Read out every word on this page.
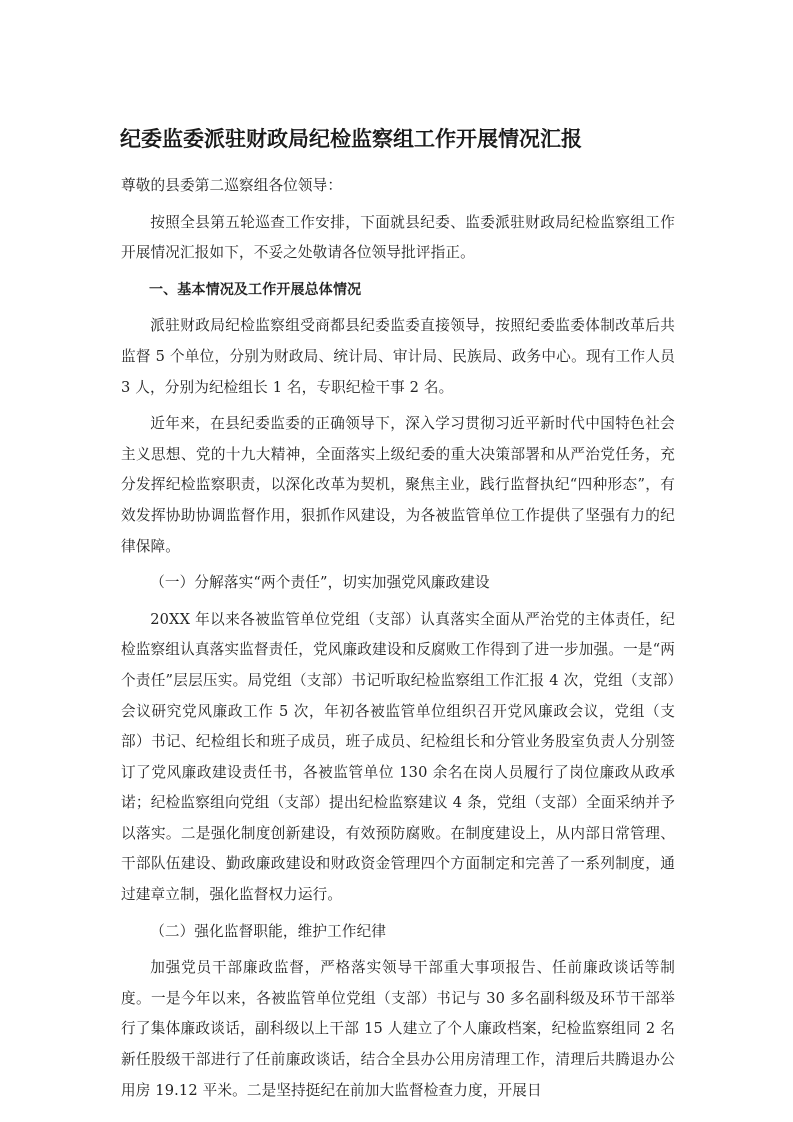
纪委监委派驻财政局纪检监察组工作开展情况汇报

尊敬的县委第二巡察组各位领导：

按照全县第五轮巡查工作安排，下面就县纪委、监委派驻财政局纪检监察组工作开展情况汇报如下，不妥之处敬请各位领导批评指正。

一、基本情况及工作开展总体情况

派驻财政局纪检监察组受商都县纪委监委直接领导，按照纪委监委体制改革后共监督 5 个单位，分别为财政局、统计局、审计局、民族局、政务中心。现有工作人员 3 人，分别为纪检组长 1 名，专职纪检干事 2 名。

近年来，在县纪委监委的正确领导下，深入学习贯彻习近平新时代中国特色社会主义思想、党的十九大精神，全面落实上级纪委的重大决策部署和从严治党任务，充分发挥纪检监察职责，以深化改革为契机，聚焦主业，践行监督执纪“四种形态”，有效发挥协助协调监督作用，狠抓作风建设，为各被监管单位工作提供了坚强有力的纪律保障。

（一）分解落实“两个责任”，切实加强党风廉政建设

20XX 年以来各被监管单位党组（支部）认真落实全面从严治党的主体责任，纪检监察组认真落实监督责任，党风廉政建设和反腐败工作得到了进一步加强。一是“两个责任”层层压实。局党组（支部）书记听取纪检监察组工作汇报 4 次，党组（支部）会议研究党风廉政工作 5 次，年初各被监管单位组织召开党风廉政会议，党组（支部）书记、纪检组长和班子成员，班子成员、纪检组长和分管业务股室负责人分别签订了党风廉政建设责任书，各被监管单位 130 余名在岗人员履行了岗位廉政从政承诺；纪检监察组向党组（支部）提出纪检监察建议 4 条，党组（支部）全面采纳并予以落实。二是强化制度创新建设，有效预防腐败。在制度建设上，从内部日常管理、干部队伍建设、勤政廉政建设和财政资金管理四个方面制定和完善了一系列制度，通过建章立制，强化监督权力运行。

（二）强化监督职能，维护工作纪律

加强党员干部廉政监督，严格落实领导干部重大事项报告、任前廉政谈话等制度。一是今年以来，各被监管单位党组（支部）书记与 30 多名副科级及环节干部举行了集体廉政谈话，副科级以上干部 15 人建立了个人廉政档案，纪检监察组同 2 名新任股级干部进行了任前廉政谈话，结合全县办公用房清理工作，清理后共腾退办公用房 19.12 平米。二是坚持挺纪在前加大监督检查力度，开展日
